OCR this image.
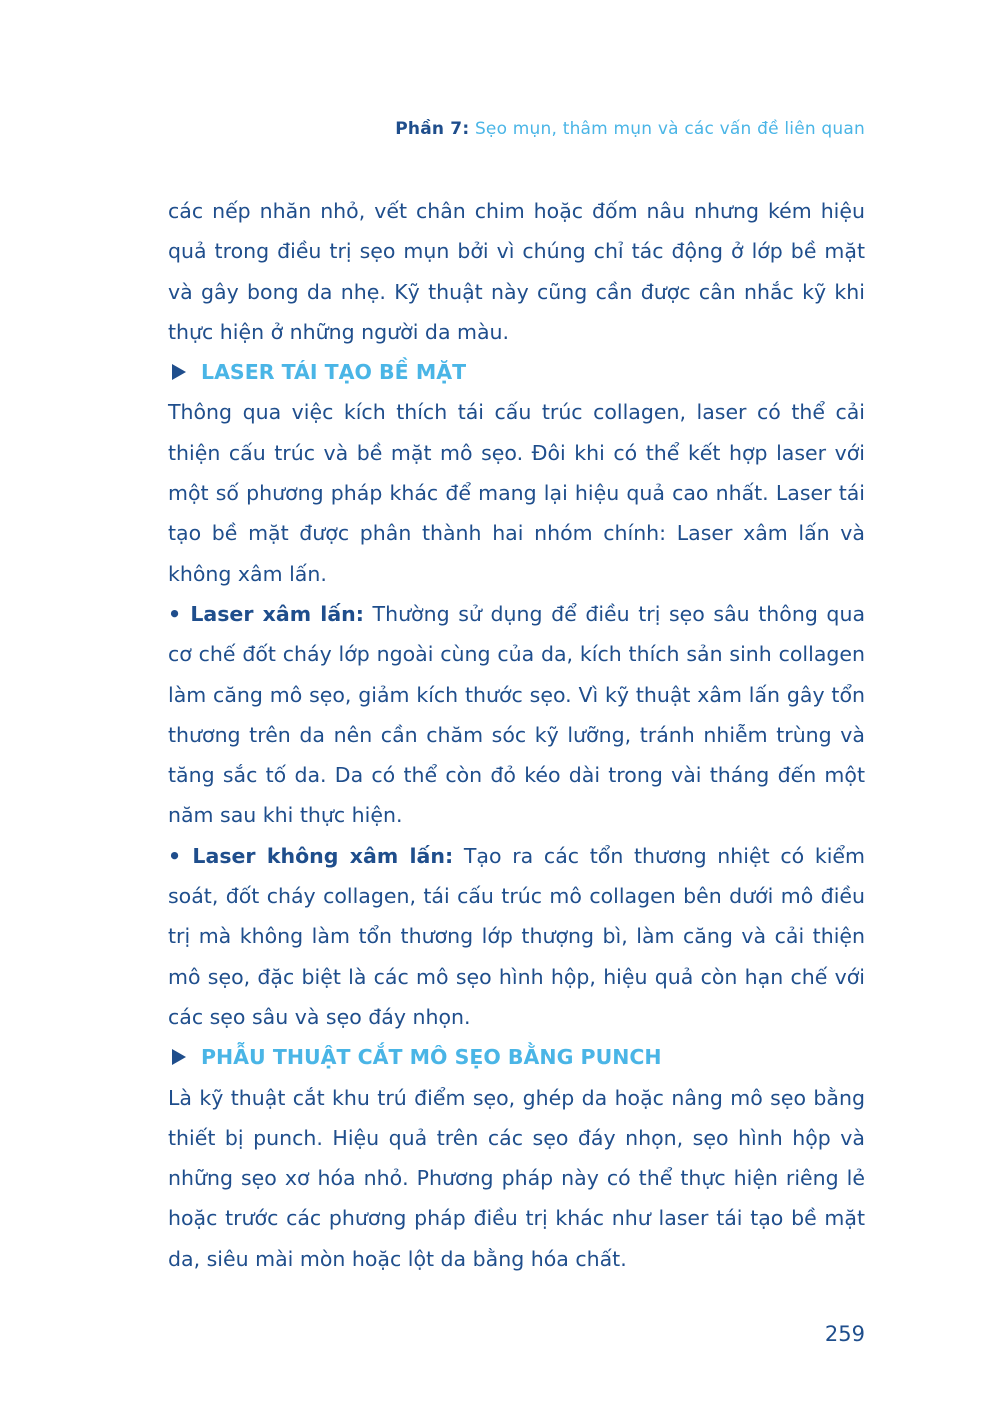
Phần 7: Sẹo mụn, thâm mụn và các vấn đề liên quan

các nếp nhăn nhỏ, vết chân chim hoặc đốm nâu nhưng kém hiệu quả trong điều trị sẹo mụn bởi vì chúng chỉ tác động ở lớp bề mặt và gây bong da nhẹ. Kỹ thuật này cũng cần được cân nhắc kỹ khi thực hiện ở những người da màu.

LASER TÁI TẠO BỀ MẶT

Thông qua việc kích thích tái cấu trúc collagen, laser có thể cải thiện cấu trúc và bề mặt mô sẹo. Đôi khi có thể kết hợp laser với một số phương pháp khác để mang lại hiệu quả cao nhất. Laser tái tạo bề mặt được phân thành hai nhóm chính: Laser xâm lấn và không xâm lấn.

• Laser xâm lấn: Thường sử dụng để điều trị sẹo sâu thông qua cơ chế đốt cháy lớp ngoài cùng của da, kích thích sản sinh collagen làm căng mô sẹo, giảm kích thước sẹo. Vì kỹ thuật xâm lấn gây tổn thương trên da nên cần chăm sóc kỹ lưỡng, tránh nhiễm trùng và tăng sắc tố da. Da có thể còn đỏ kéo dài trong vài tháng đến một năm sau khi thực hiện.

• Laser không xâm lấn: Tạo ra các tổn thương nhiệt có kiểm soát, đốt cháy collagen, tái cấu trúc mô collagen bên dưới mô điều trị mà không làm tổn thương lớp thượng bì, làm căng và cải thiện mô sẹo, đặc biệt là các mô sẹo hình hộp, hiệu quả còn hạn chế với các sẹo sâu và sẹo đáy nhọn.

PHẪU THUẬT CẮT MÔ SẸO BẰNG PUNCH

Là kỹ thuật cắt khu trú điểm sẹo, ghép da hoặc nâng mô sẹo bằng thiết bị punch. Hiệu quả trên các sẹo đáy nhọn, sẹo hình hộp và những sẹo xơ hóa nhỏ. Phương pháp này có thể thực hiện riêng lẻ hoặc trước các phương pháp điều trị khác như laser tái tạo bề mặt da, siêu mài mòn hoặc lột da bằng hóa chất.

259
